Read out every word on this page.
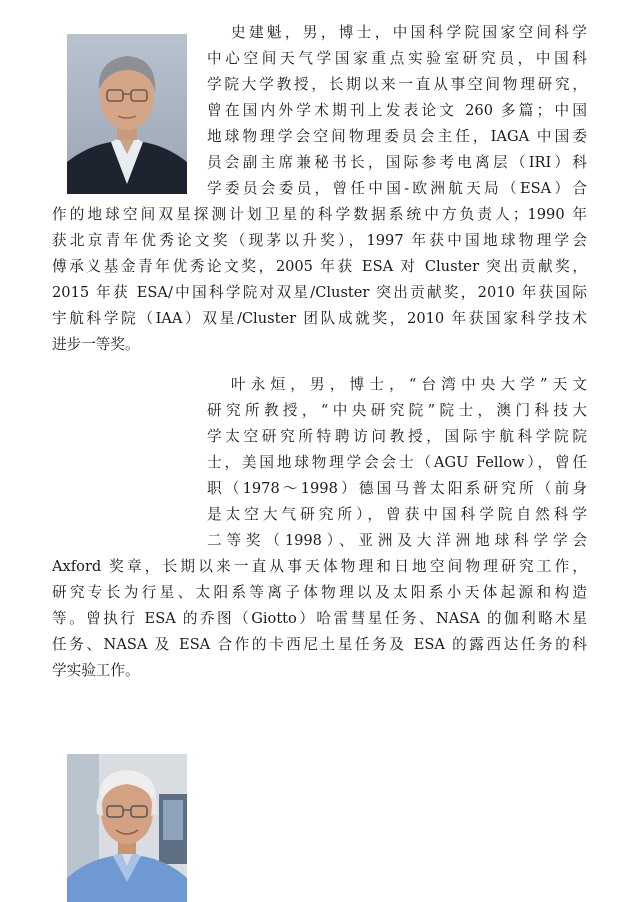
史建魁，男，博士，中国科学院国家空间科学
中心空间天气学国家重点实验室研究员，中国科
学院大学教授，长期以来一直从事空间物理研究，
曾在国内外学术期刊上发表论文 260 多篇；中国
地球物理学会空间物理委员会主任，IAGA 中国委
员会副主席兼秘书长，国际参考电离层（IRI）科
学委员会委员，曾任中国-欧洲航天局（ESA）合
作的地球空间双星探测计划卫星的科学数据系统中方负责人；1990 年
获北京青年优秀论文奖（现茅以升奖），1997 年获中国地球物理学会
傅承义基金青年优秀论文奖，2005 年获 ESA 对 Cluster 突出贡献奖，
2015 年获 ESA/中国科学院对双星/Cluster 突出贡献奖，2010 年获国际
宇航科学院（IAA）双星/Cluster 团队成就奖，2010 年获国家科学技术
进步一等奖。
叶永烜，男，博士，“台湾中央大学”天文
研究所教授，“中央研究院”院士，澳门科技大
学太空研究所特聘访问教授，国际宇航科学院院
士，美国地球物理学会会士（AGU Fellow），曾任
职（1978～1998）德国马普太阳系研究所（前身
是太空大气研究所），曾获中国科学院自然科学
二等奖（1998）、亚洲及大洋洲地球科学学会
Axford 奖章，长期以来一直从事天体物理和日地空间物理研究工作，
研究专长为行星、太阳系等离子体物理以及太阳系小天体起源和构造
等。曾执行 ESA 的乔图（Giotto）哈雷彗星任务、NASA 的伽利略木星
任务、NASA 及 ESA 合作的卡西尼土星任务及 ESA 的露西达任务的科
学实验工作。
